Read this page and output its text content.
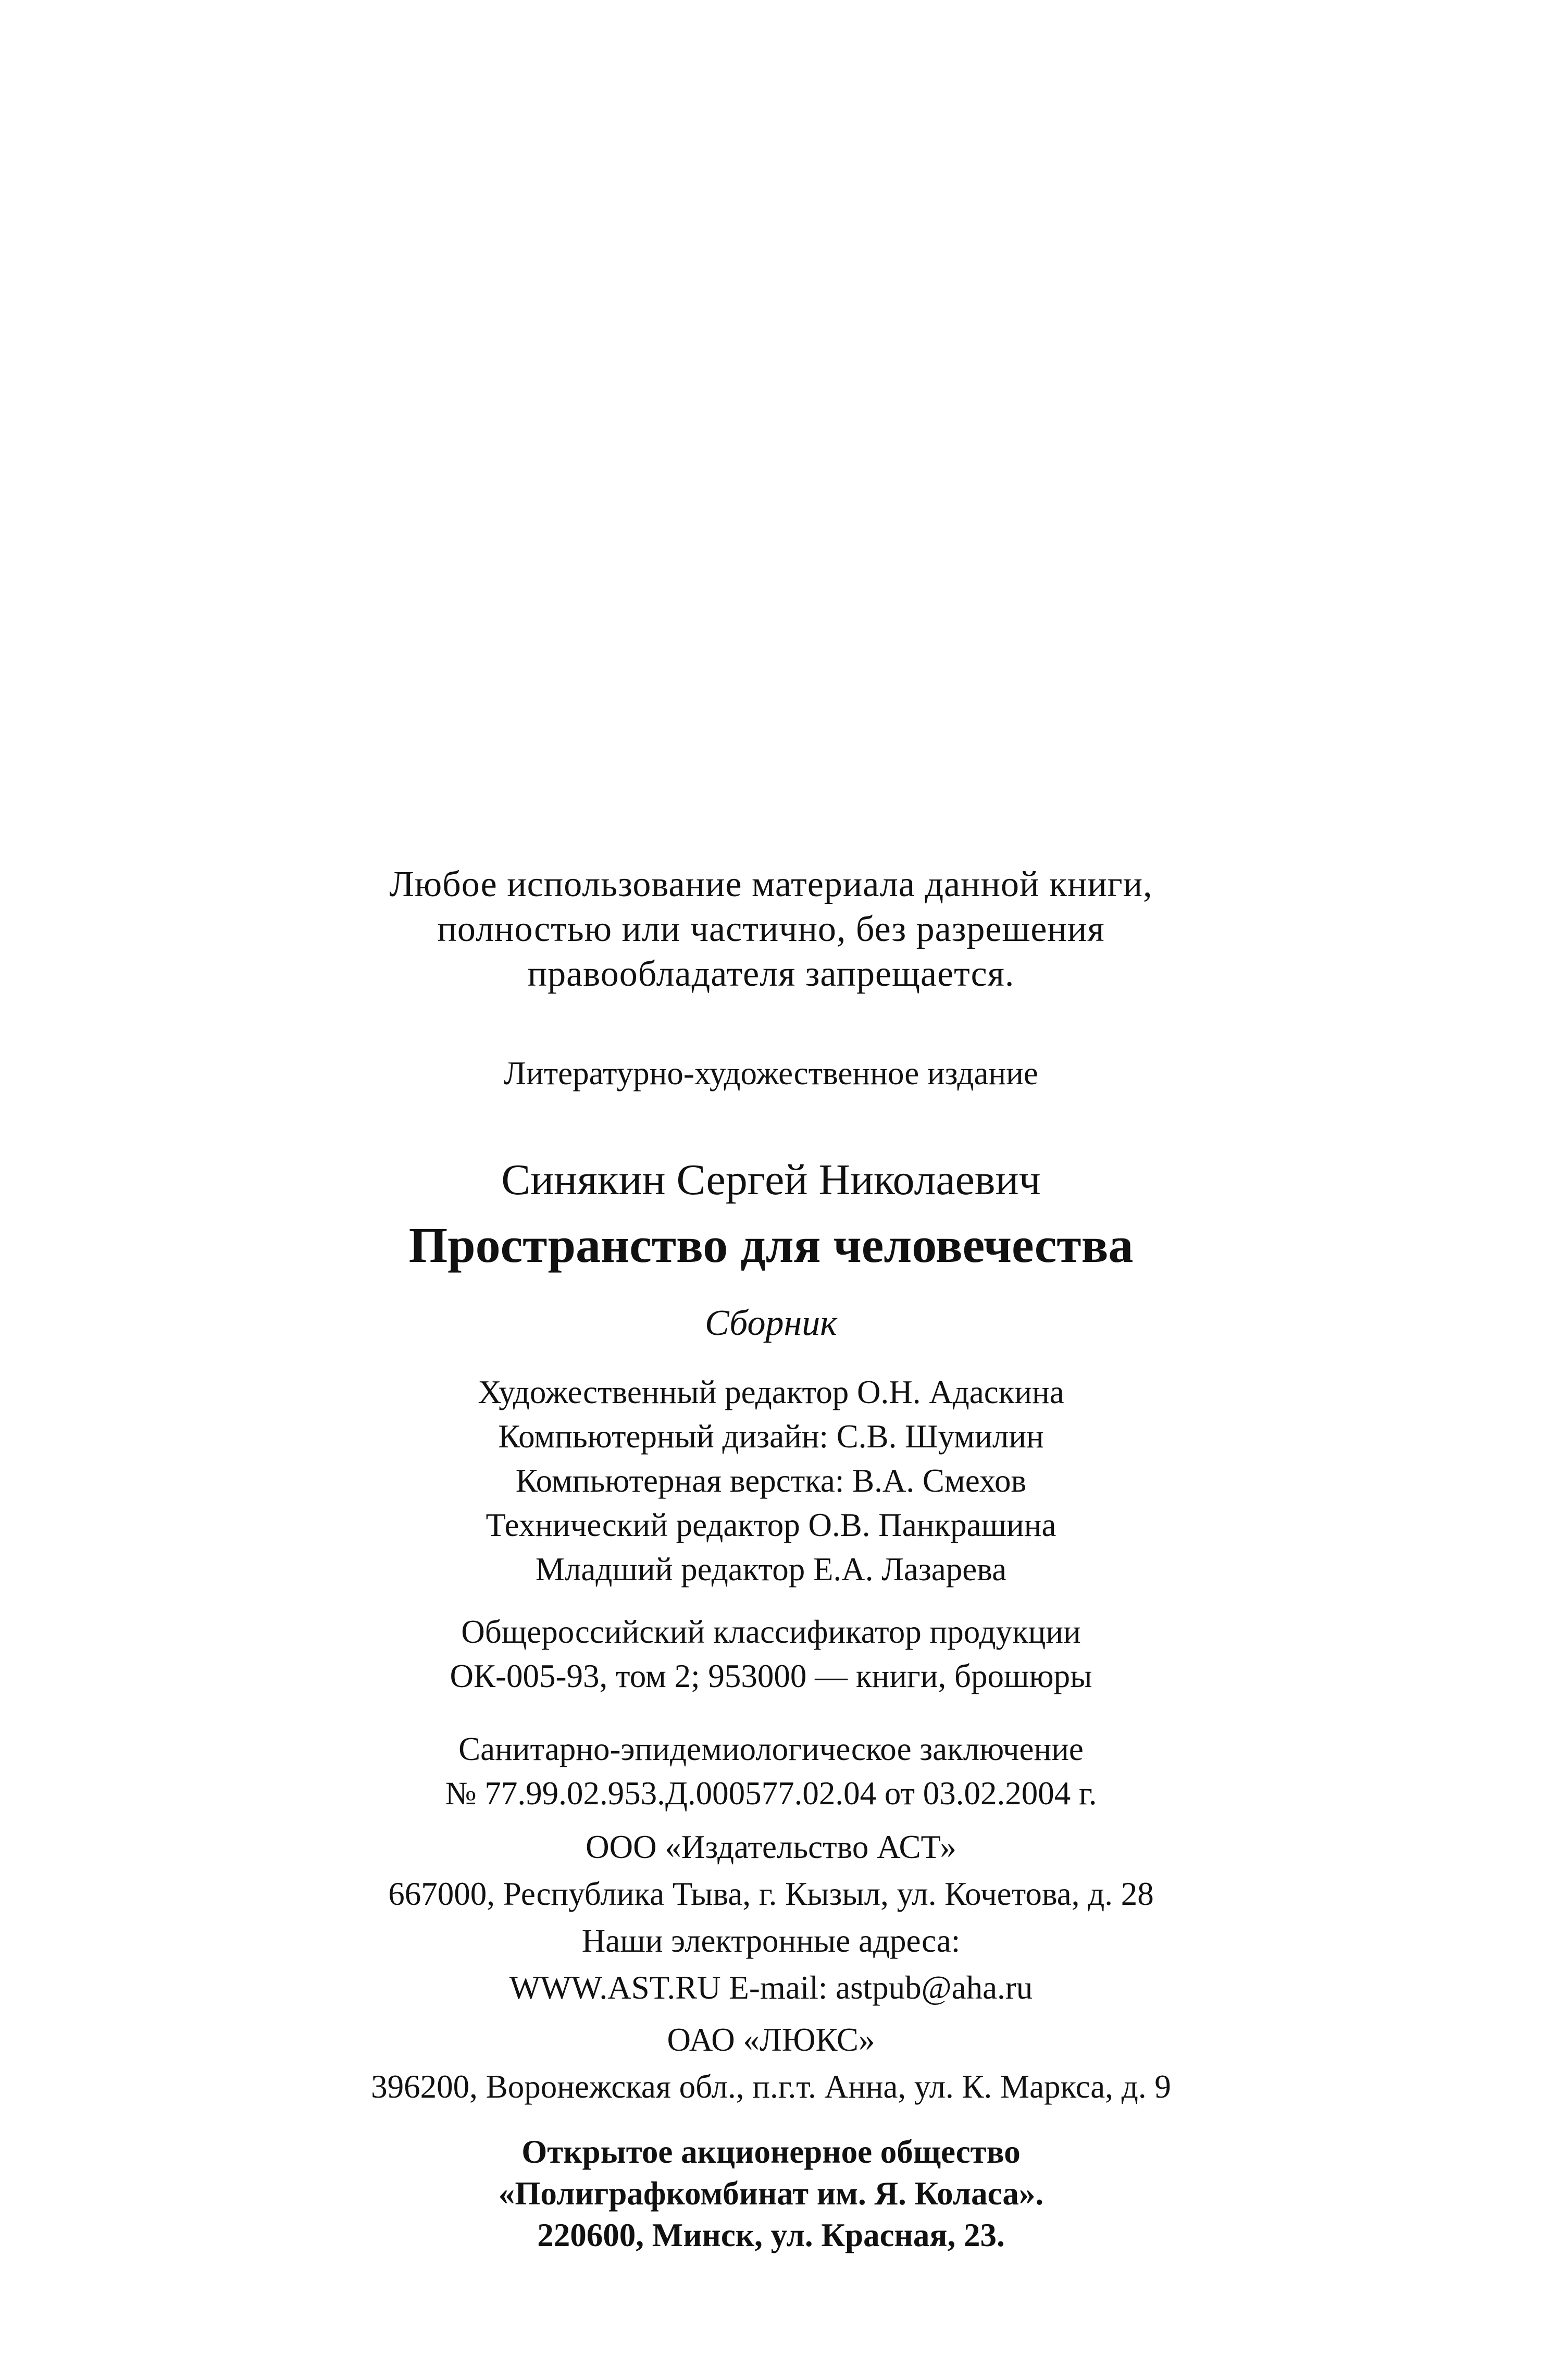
Любое использование материала данной книги,
полностью или частично, без разрешения
правообладателя запрещается.
Литературно-художественное издание
Синякин Сергей Николаевич
Пространство для человечества
Сборник
Художественный редактор О.Н. Адаскина
Компьютерный дизайн: С.В. Шумилин
Компьютерная верстка: В.А. Смехов
Технический редактор О.В. Панкрашина
Младший редактор Е.А. Лазарева
Общероссийский классификатор продукции
ОК-005-93, том 2; 953000 — книги, брошюры
Санитарно-эпидемиологическое заключение
№ 77.99.02.953.Д.000577.02.04 от 03.02.2004 г.
ООО «Издательство АСТ»
667000, Республика Тыва, г. Кызыл, ул. Кочетова, д. 28
Наши электронные адреса:
WWW.AST.RU E-mail: astpub@aha.ru
ОАО «ЛЮКС»
396200, Воронежская обл., п.г.т. Анна, ул. К. Маркса, д. 9
Открытое акционерное общество
«Полиграфкомбинат им. Я. Коласа».
220600, Минск, ул. Красная, 23.
